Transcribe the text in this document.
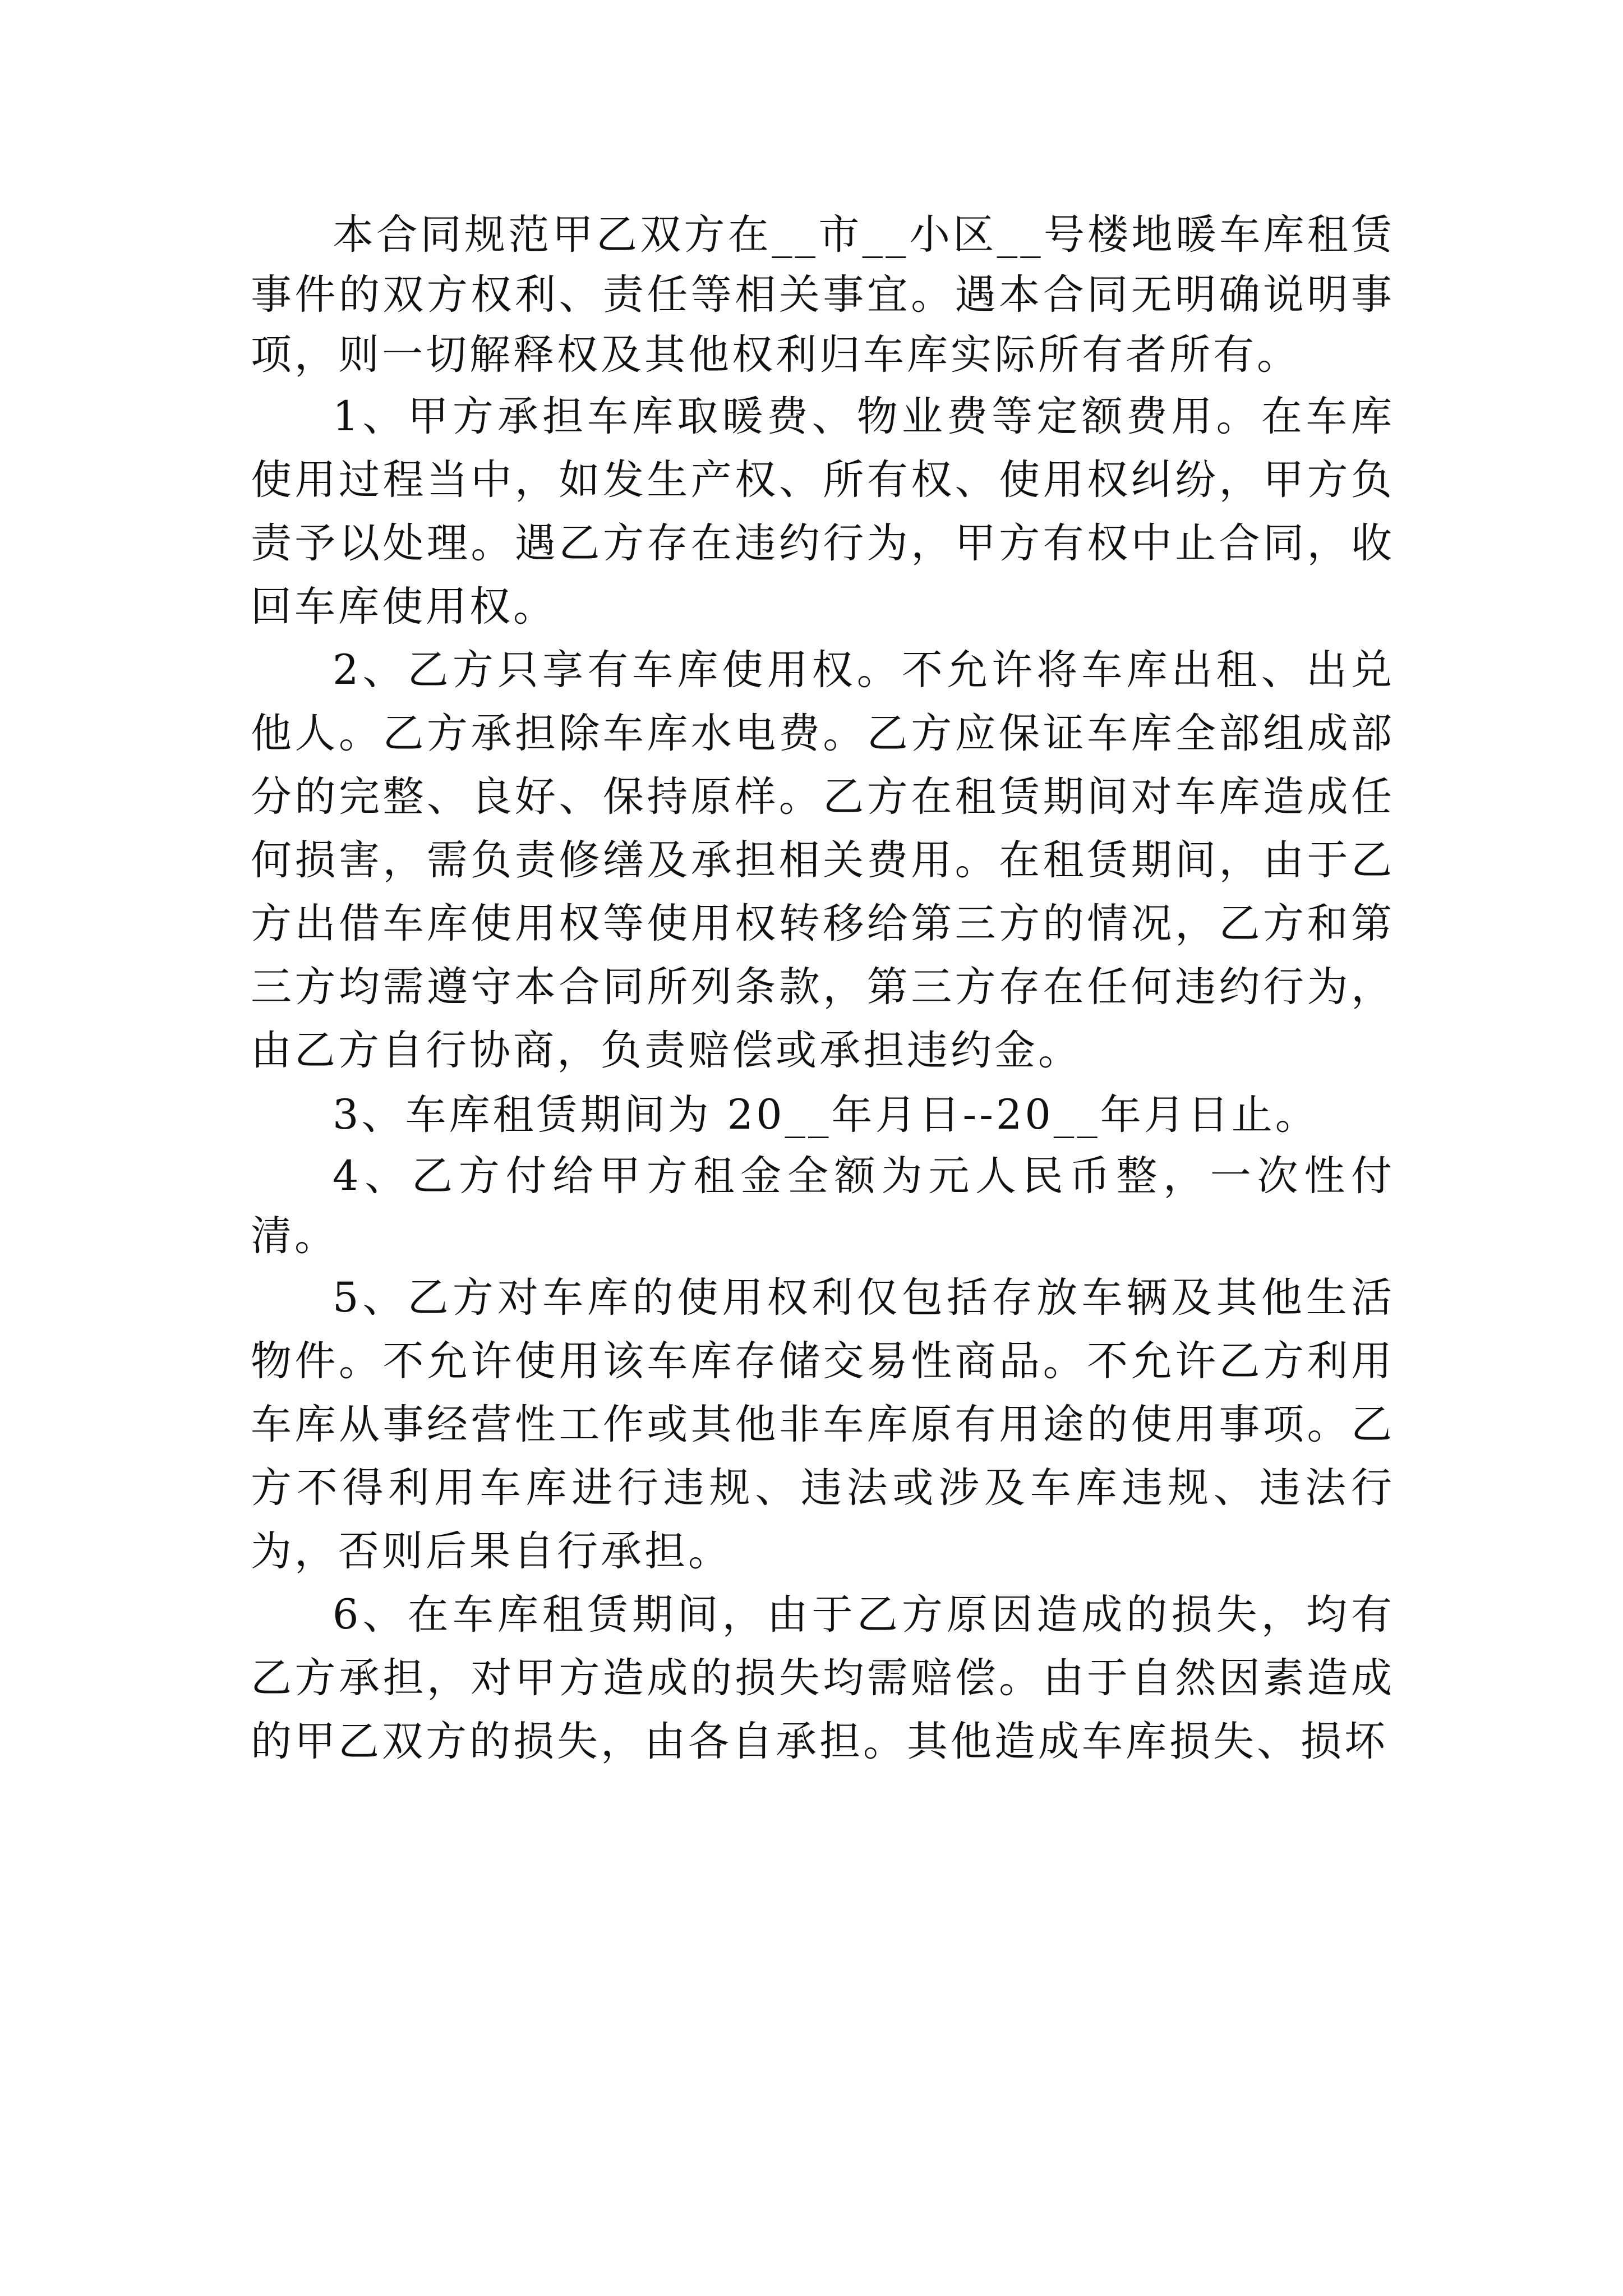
本合同规范甲乙双方在__市__小区__号楼地暖车库租赁事件的双方权利、责任等相关事宜。遇本合同无明确说明事项，则一切解释权及其他权利归车库实际所有者所有。

1、甲方承担车库取暖费、物业费等定额费用。在车库使用过程当中，如发生产权、所有权、使用权纠纷，甲方负责予以处理。遇乙方存在违约行为，甲方有权中止合同，收回车库使用权。

2、乙方只享有车库使用权。不允许将车库出租、出兑他人。乙方承担除车库水电费。乙方应保证车库全部组成部分的完整、良好、保持原样。乙方在租赁期间对车库造成任何损害，需负责修缮及承担相关费用。在租赁期间，由于乙方出借车库使用权等使用权转移给第三方的情况，乙方和第三方均需遵守本合同所列条款，第三方存在任何违约行为，由乙方自行协商，负责赔偿或承担违约金。

3、车库租赁期间为 20__年月日--20__年月日止。

4、乙方付给甲方租金全额为元人民币整，一次性付清。

5、乙方对车库的使用权利仅包括存放车辆及其他生活物件。不允许使用该车库存储交易性商品。不允许乙方利用车库从事经营性工作或其他非车库原有用途的使用事项。乙方不得利用车库进行违规、违法或涉及车库违规、违法行为，否则后果自行承担。

6、在车库租赁期间，由于乙方原因造成的损失，均有乙方承担，对甲方造成的损失均需赔偿。由于自然因素造成的甲乙双方的损失，由各自承担。其他造成车库损失、损坏
